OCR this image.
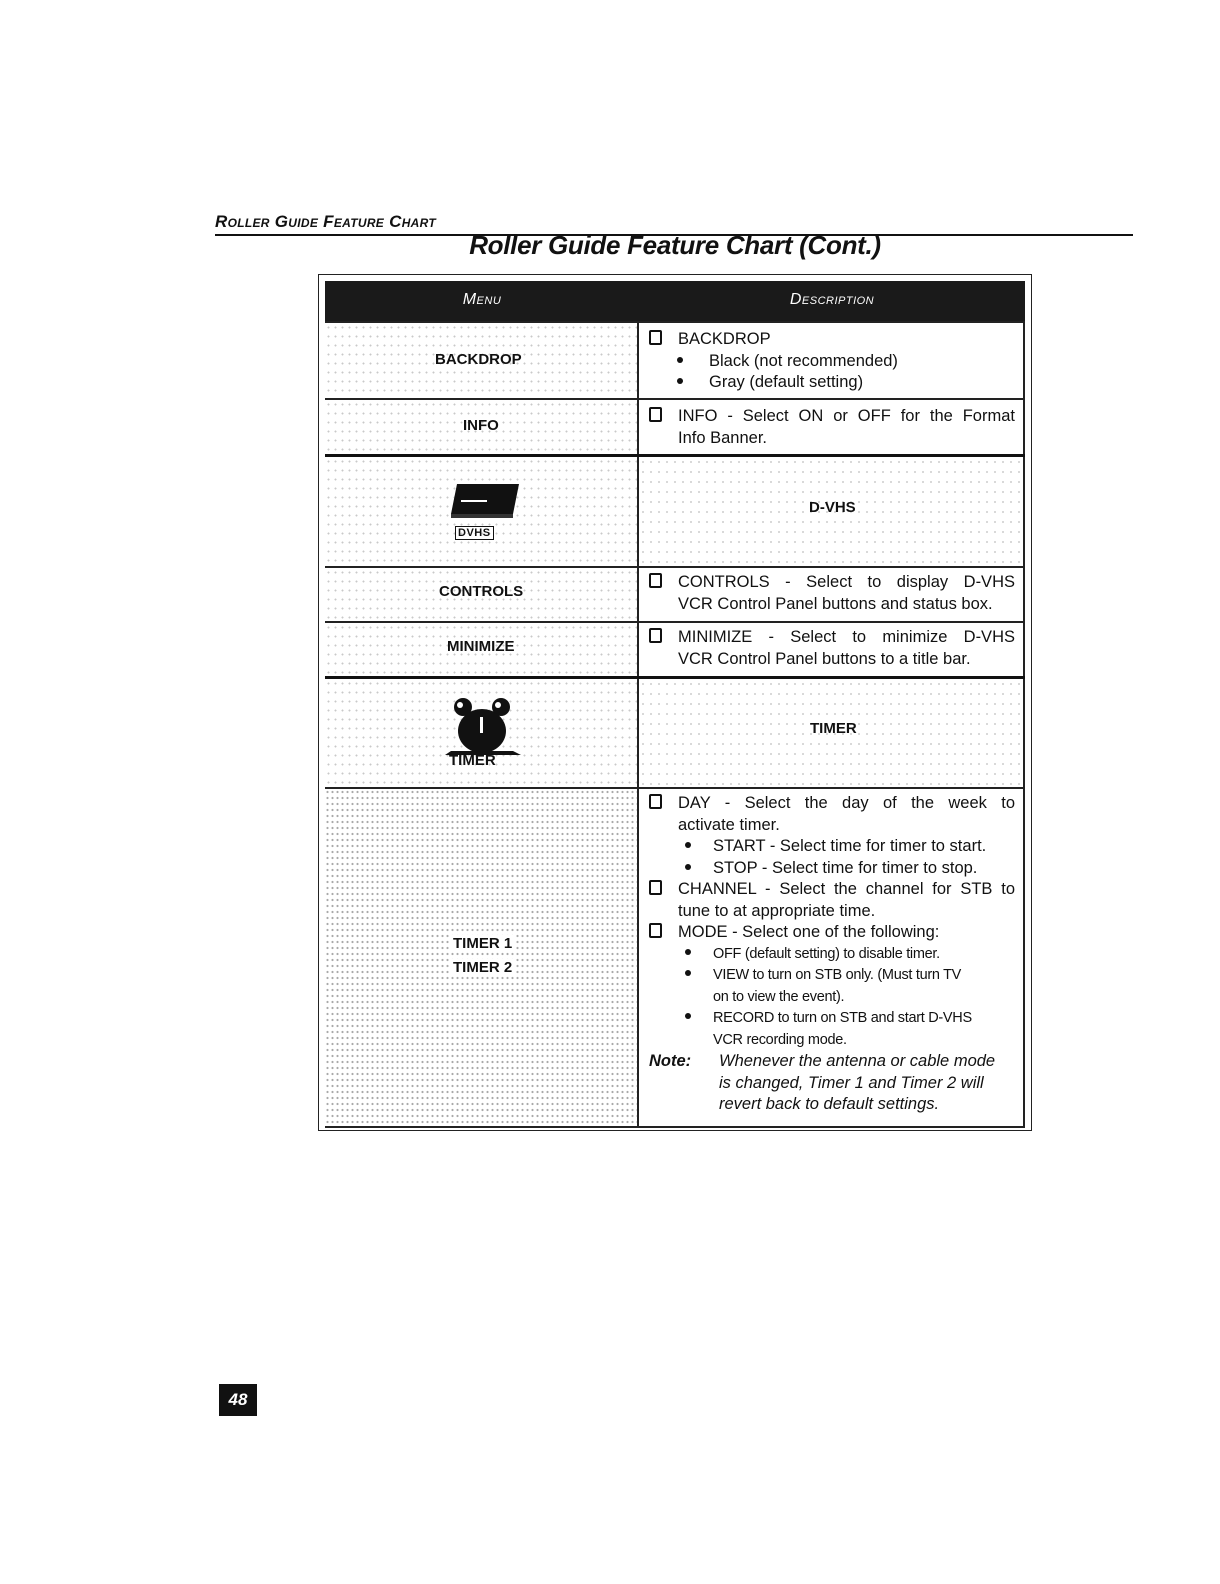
Roller Guide Feature Chart
Roller Guide Feature Chart (Cont.)
Menu	Description
BACKDROP
BACKDROP
Black (not recommended)
Gray (default setting)
INFO
INFO - Select ON or OFF for the Format
Info Banner.
DVHS
D-VHS
CONTROLS
CONTROLS - Select to display D-VHS
VCR Control Panel buttons and status box.
MINIMIZE
MINIMIZE - Select to minimize D-VHS
VCR Control Panel buttons to a title bar.
TIMER
TIMER
TIMER 1
TIMER 2
DAY - Select the day of the week to
activate timer.
START - Select time for timer to start.
STOP - Select time for timer to stop.
CHANNEL - Select the channel for STB to
tune to at appropriate time.
MODE - Select one of the following:
OFF (default setting) to disable timer.
VIEW to turn on STB only. (Must turn TV
on to view the event).
RECORD to turn on STB and start D-VHS
VCR recording mode.
Note: Whenever the antenna or cable mode
is changed, Timer 1 and Timer 2 will
revert back to default settings.
48
